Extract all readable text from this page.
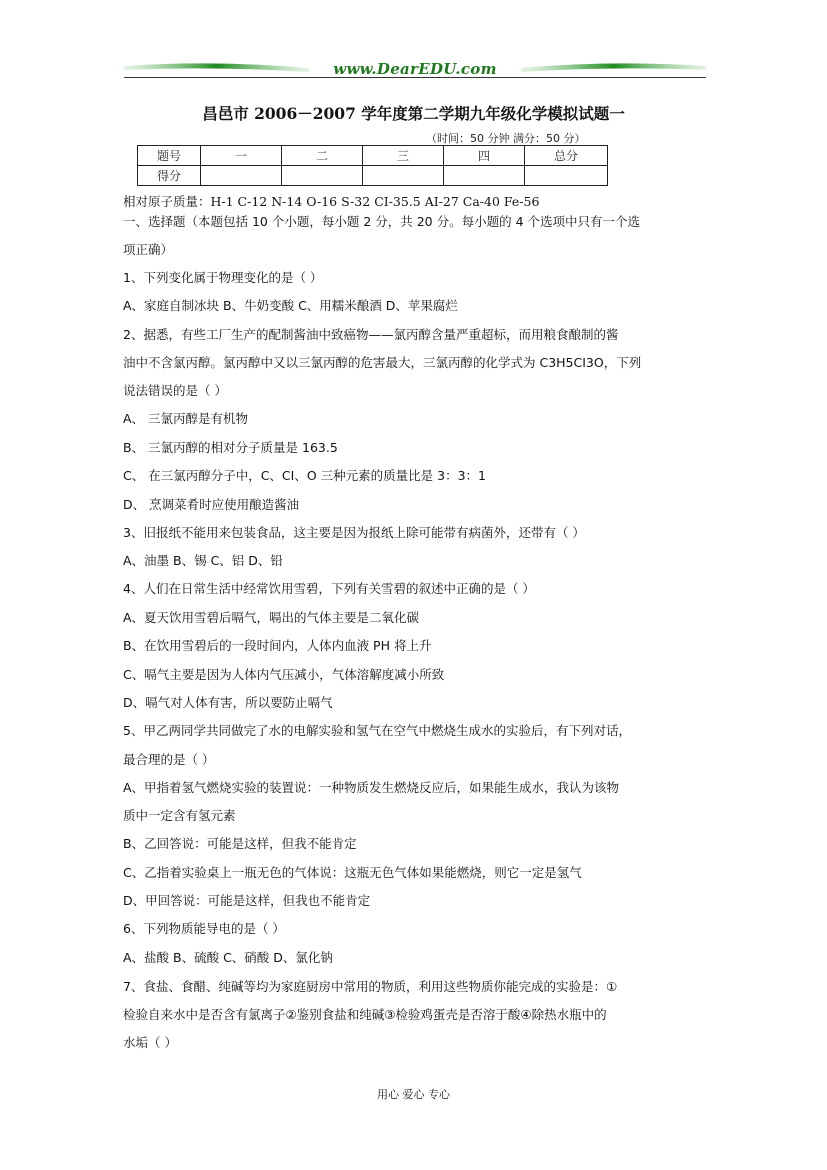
www.DearEDU.com
昌邑市 2006－2007 学年度第二学期九年级化学模拟试题一
（时间：50 分钟 满分：50 分）
题号	一	二	三	四	总分
得分					
相对原子质量：H-1 C-12 N-14 O-16 S-32 CI-35.5 AI-27 Ca-40 Fe-56
一、选择题（本题包括 10 个小题，每小题 2 分，共 20 分。每小题的 4 个选项中只有一个选
项正确）
1、下列变化属于物理变化的是（ ）
A、家庭自制冰块 B、牛奶变酸 C、用糯米酿酒 D、苹果腐烂
2、据悉，有些工厂生产的配制酱油中致癌物——氯丙醇含量严重超标，而用粮食酿制的酱
油中不含氯丙醇。氯丙醇中又以三氯丙醇的危害最大，三氯丙醇的化学式为 C3H5CI3O，下列
说法错误的是（ ）
A、 三氯丙醇是有机物
B、 三氯丙醇的相对分子质量是 163.5
C、 在三氯丙醇分子中，C、CI、O 三种元素的质量比是 3：3：1
D、 烹调菜肴时应使用酿造酱油
3、旧报纸不能用来包装食品，这主要是因为报纸上除可能带有病菌外，还带有（ ）
A、油墨 B、锡 C、铝 D、铅
4、人们在日常生活中经常饮用雪碧，下列有关雪碧的叙述中正确的是（ ）
A、夏天饮用雪碧后嗝气，嗝出的气体主要是二氧化碳
B、在饮用雪碧后的一段时间内，人体内血液 PH 将上升
C、嗝气主要是因为人体内气压减小，气体溶解度减小所致
D、嗝气对人体有害，所以要防止嗝气
5、甲乙两同学共同做完了水的电解实验和氢气在空气中燃烧生成水的实验后，有下列对话，
最合理的是（ ）
A、甲指着氢气燃烧实验的装置说：一种物质发生燃烧反应后，如果能生成水，我认为该物
质中一定含有氢元素
B、乙回答说：可能是这样，但我不能肯定
C、乙指着实验桌上一瓶无色的气体说：这瓶无色气体如果能燃烧，则它一定是氢气
D、甲回答说：可能是这样，但我也不能肯定
6、下列物质能导电的是（ ）
A、盐酸 B、硫酸 C、硝酸 D、氯化钠
7、食盐、食醋、纯碱等均为家庭厨房中常用的物质，利用这些物质你能完成的实验是：①
检验自来水中是否含有氯离子②鉴别食盐和纯碱③检验鸡蛋壳是否溶于酸④除热水瓶中的
水垢（ ）
用心 爱心 专心
